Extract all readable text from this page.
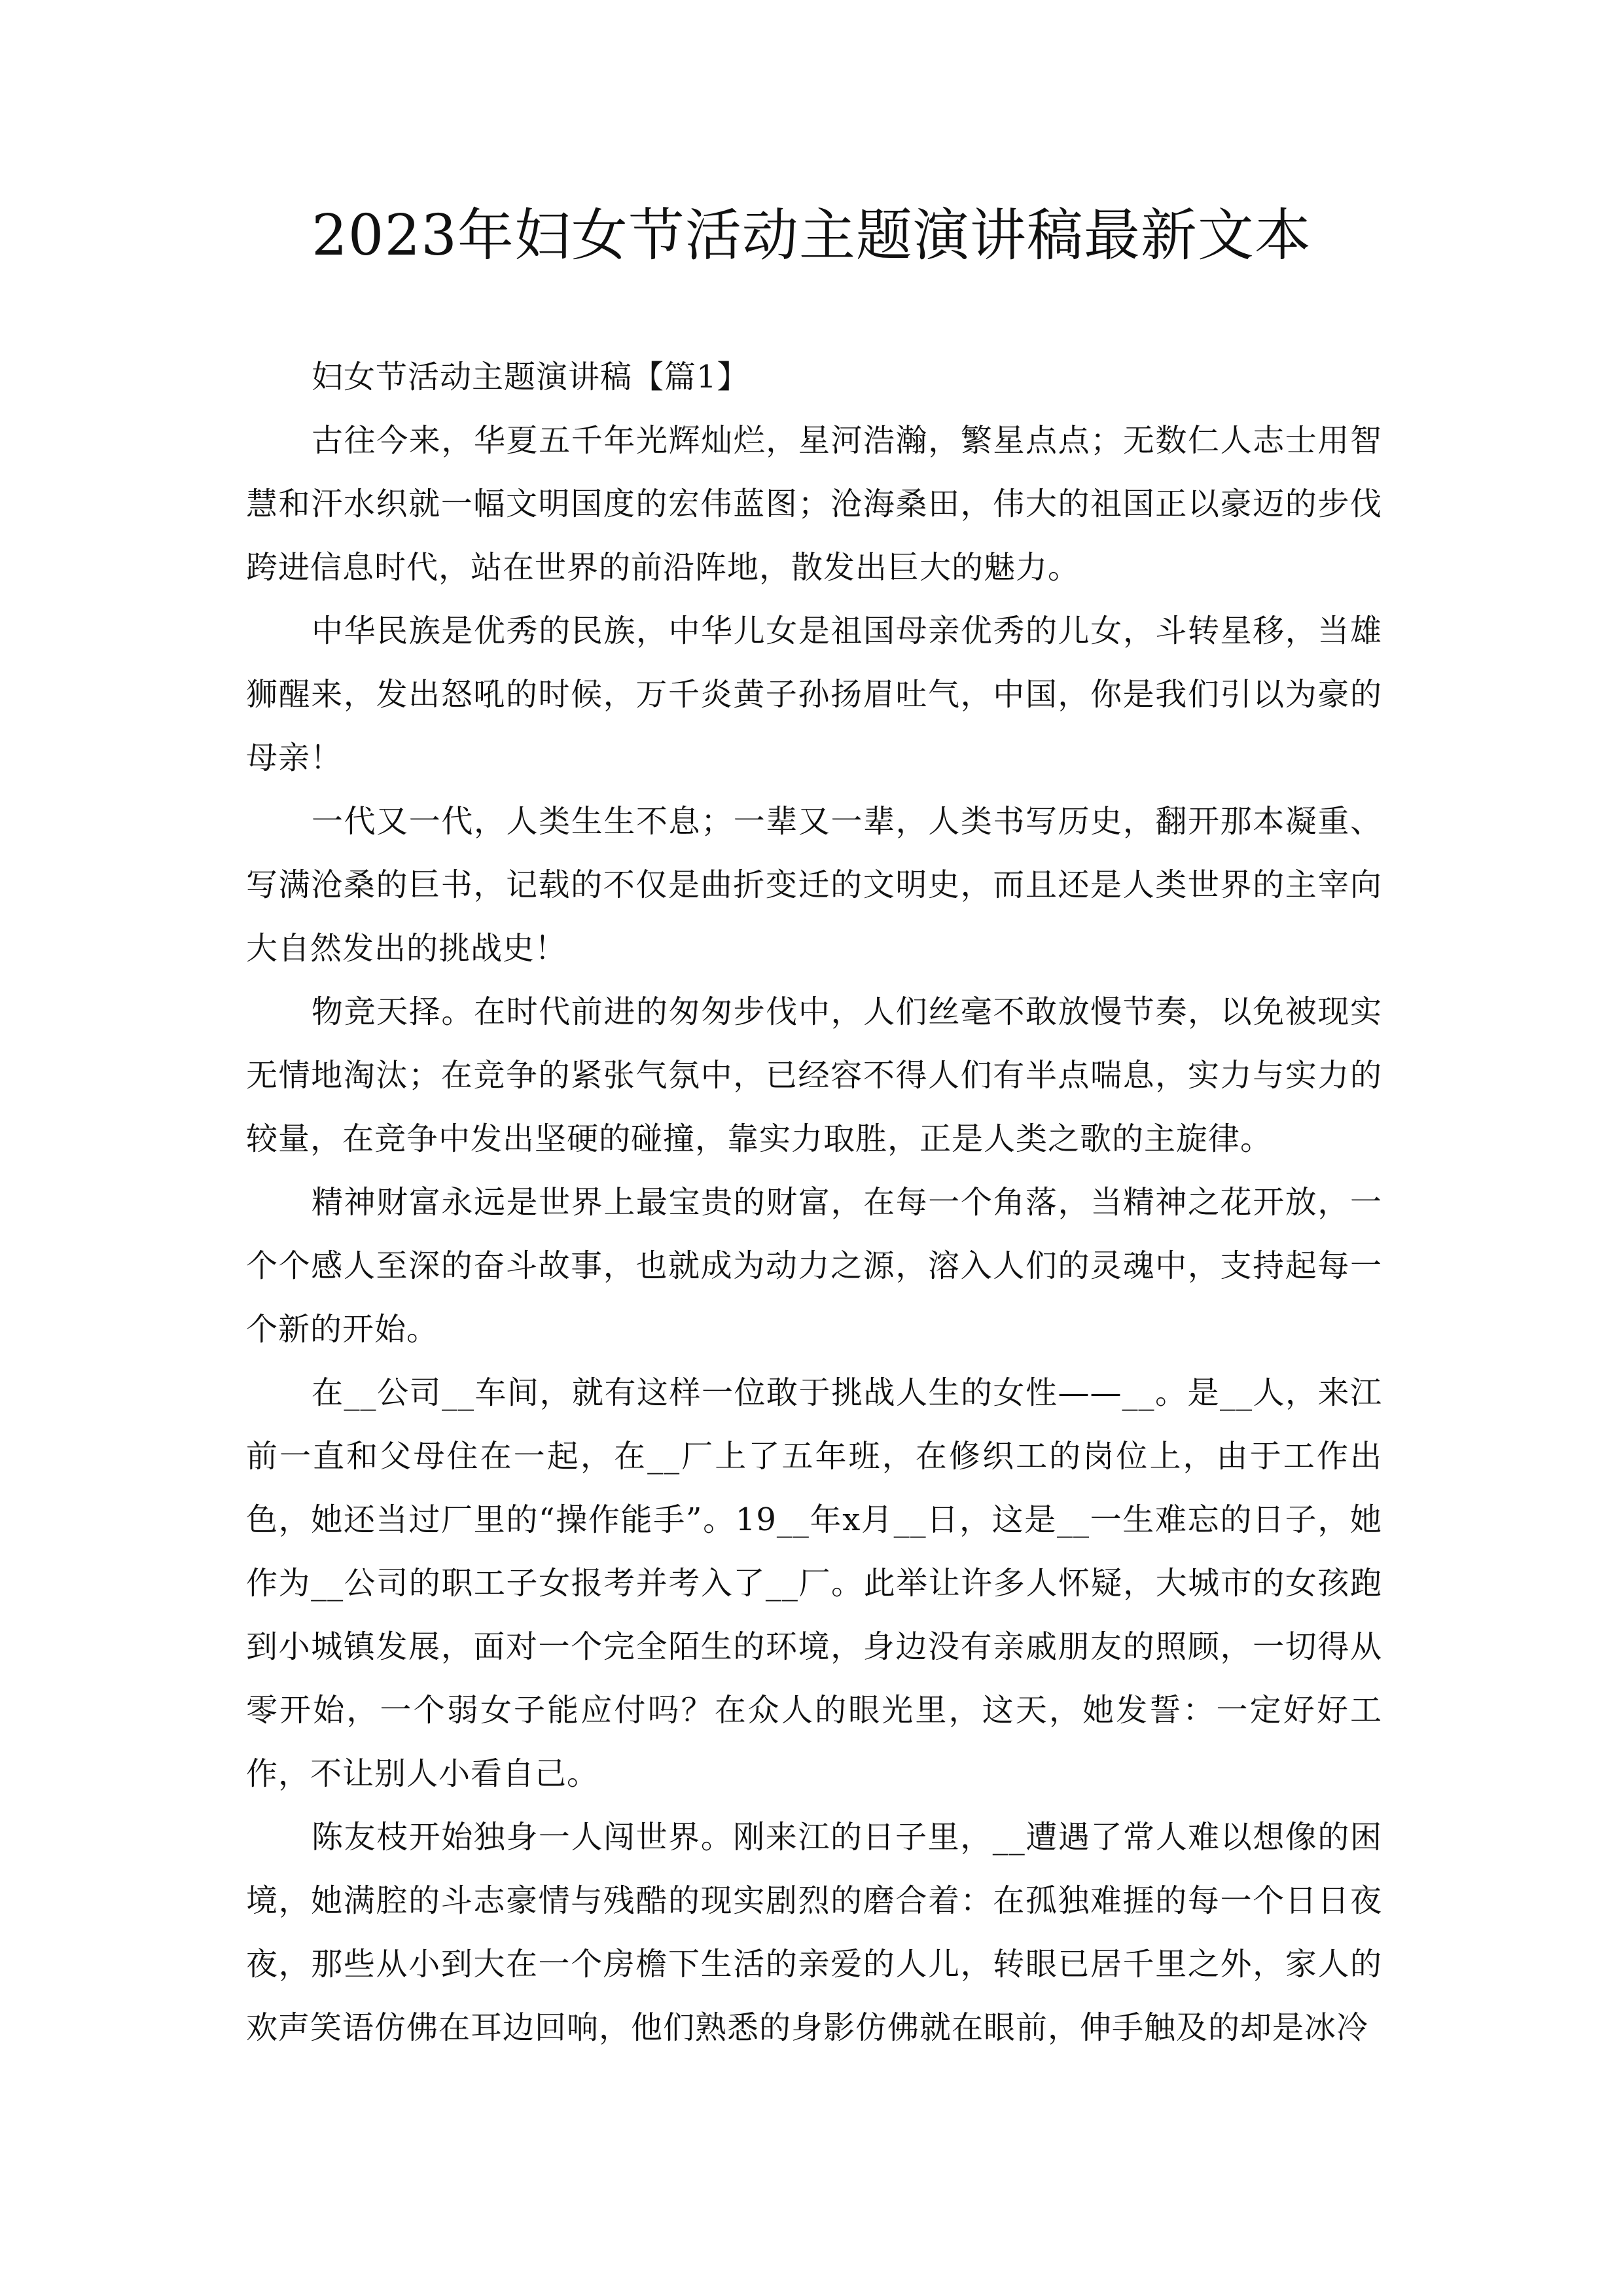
2023年妇女节活动主题演讲稿最新文本

妇女节活动主题演讲稿【篇1】

古往今来，华夏五千年光辉灿烂，星河浩瀚，繁星点点；无数仁人志士用智慧和汗水织就一幅文明国度的宏伟蓝图；沧海桑田，伟大的祖国正以豪迈的步伐跨进信息时代，站在世界的前沿阵地，散发出巨大的魅力。

中华民族是优秀的民族，中华儿女是祖国母亲优秀的儿女，斗转星移，当雄狮醒来，发出怒吼的时候，万千炎黄子孙扬眉吐气，中国，你是我们引以为豪的母亲！

一代又一代，人类生生不息；一辈又一辈，人类书写历史，翻开那本凝重、写满沧桑的巨书，记载的不仅是曲折变迁的文明史，而且还是人类世界的主宰向大自然发出的挑战史！

物竞天择。在时代前进的匆匆步伐中，人们丝毫不敢放慢节奏，以免被现实无情地淘汰；在竞争的紧张气氛中，已经容不得人们有半点喘息，实力与实力的较量，在竞争中发出坚硬的碰撞，靠实力取胜，正是人类之歌的主旋律。

精神财富永远是世界上最宝贵的财富，在每一个角落，当精神之花开放，一个个感人至深的奋斗故事，也就成为动力之源，溶入人们的灵魂中，支持起每一个新的开始。

在__公司__车间，就有这样一位敢于挑战人生的女性——__。是__人，来江前一直和父母住在一起，在__厂上了五年班，在修织工的岗位上，由于工作出色，她还当过厂里的“操作能手”。19__年x月__日，这是__一生难忘的日子，她作为__公司的职工子女报考并考入了__厂。此举让许多人怀疑，大城市的女孩跑到小城镇发展，面对一个完全陌生的环境，身边没有亲戚朋友的照顾，一切得从零开始，一个弱女子能应付吗？在众人的眼光里，这天，她发誓：一定好好工作，不让别人小看自己。

陈友枝开始独身一人闯世界。刚来江的日子里，__遭遇了常人难以想像的困境，她满腔的斗志豪情与残酷的现实剧烈的磨合着：在孤独难捱的每一个日日夜夜，那些从小到大在一个房檐下生活的亲爱的人儿，转眼已居千里之外，家人的欢声笑语仿佛在耳边回响，他们熟悉的身影仿佛就在眼前，伸手触及的却是冰冷
